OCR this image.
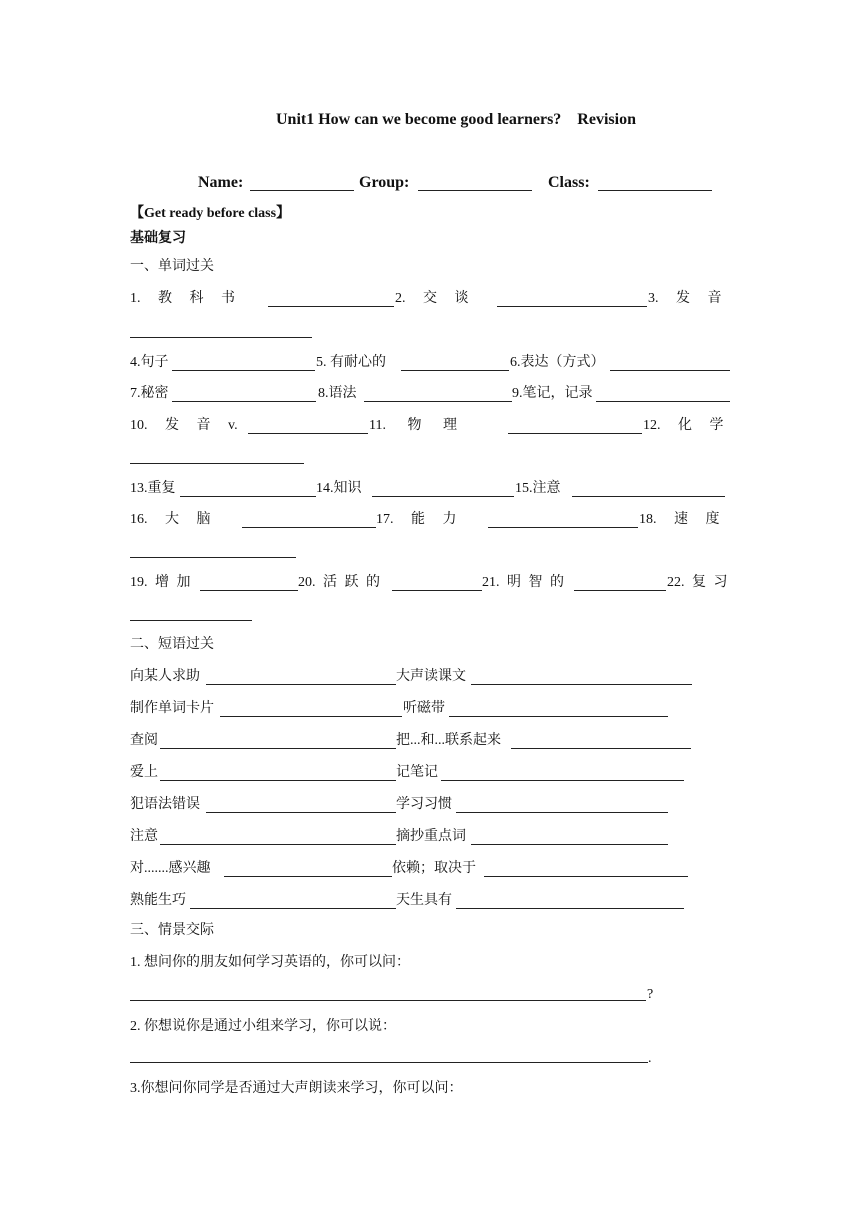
Unit1 How can we become good learners?    Revision
Name:	Group:	Class:
【Get ready before class】
基础复习
一、单词过关
1. 教 科 书	2. 交 谈	3. 发 音
4.句子	5. 有耐心的	6.表达（方式）
7.秘密	8.语法	9.笔记，记录
10. 发 音 v.	11. 物 理	12. 化 学
13.重复	14.知识	15.注意
16. 大 脑	17. 能 力	18. 速 度
19. 增 加	20. 活 跃 的	21. 明 智 的	22. 复 习
二、短语过关
向某人求助	大声读课文
制作单词卡片	听磁带
查阅	把...和...联系起来
爱上	记笔记
犯语法错误	学习习惯
注意	摘抄重点词
对.......感兴趣	依赖；取决于
熟能生巧	天生具有
三、情景交际
1. 想问你的朋友如何学习英语的，你可以问：
?
2. 你想说你是通过小组来学习，你可以说：
.
3.你想问你同学是否通过大声朗读来学习，你可以问：
